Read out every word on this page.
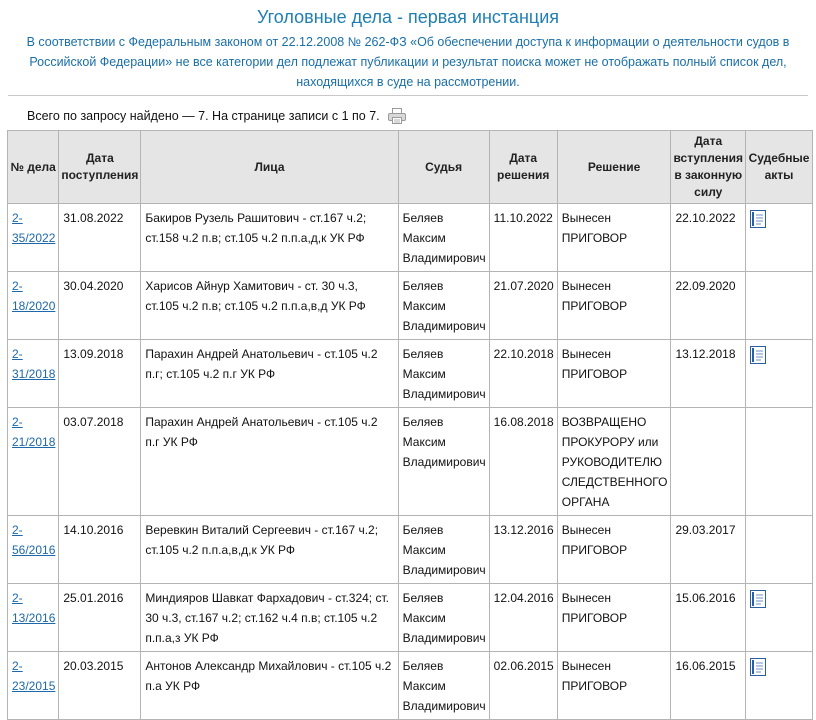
Уголовные дела - первая инстанция
В соответствии с Федеральным законом от 22.12.2008 № 262-ФЗ «Об обеспечении доступа к информации о деятельности судов в Российской Федерации» не все категории дел подлежат публикации и результат поиска может не отображать полный список дел, находящихся в суде на рассмотрении.
Всего по запросу найдено — 7. На странице записи с 1 по 7.
№ дела	Дата поступления	Лица	Судья	Дата решения	Решение	Дата вступления в законную силу	Судебные акты
2-35/2022	31.08.2022	Бакиров Рузель Рашитович - ст.167 ч.2; ст.158 ч.2 п.в; ст.105 ч.2 п.п.а,д,к УК РФ	Беляев Максим Владимирович	11.10.2022	Вынесен ПРИГОВОР	22.10.2022	
2-18/2020	30.04.2020	Харисов Айнур Хамитович - ст. 30 ч.3, ст.105 ч.2 п.в; ст.105 ч.2 п.п.а,в,д УК РФ	Беляев Максим Владимирович	21.07.2020	Вынесен ПРИГОВОР	22.09.2020	
2-31/2018	13.09.2018	Парахин Андрей Анатольевич - ст.105 ч.2 п.г; ст.105 ч.2 п.г УК РФ	Беляев Максим Владимирович	22.10.2018	Вынесен ПРИГОВОР	13.12.2018	
2-21/2018	03.07.2018	Парахин Андрей Анатольевич - ст.105 ч.2 п.г УК РФ	Беляев Максим Владимирович	16.08.2018	ВОЗВРАЩЕНО ПРОКУРОРУ или РУКОВОДИТЕЛЮ СЛЕДСТВЕННОГО ОРГАНА		
2-56/2016	14.10.2016	Веревкин Виталий Сергеевич - ст.167 ч.2; ст.105 ч.2 п.п.а,в,д,к УК РФ	Беляев Максим Владимирович	13.12.2016	Вынесен ПРИГОВОР	29.03.2017	
2-13/2016	25.01.2016	Миндияров Шавкат Фархадович - ст.324; ст. 30 ч.3, ст.167 ч.2; ст.162 ч.4 п.в; ст.105 ч.2 п.п.а,з УК РФ	Беляев Максим Владимирович	12.04.2016	Вынесен ПРИГОВОР	15.06.2016	
2-23/2015	20.03.2015	Антонов Александр Михайлович - ст.105 ч.2 п.а УК РФ	Беляев Максим Владимирович	02.06.2015	Вынесен ПРИГОВОР	16.06.2015	
